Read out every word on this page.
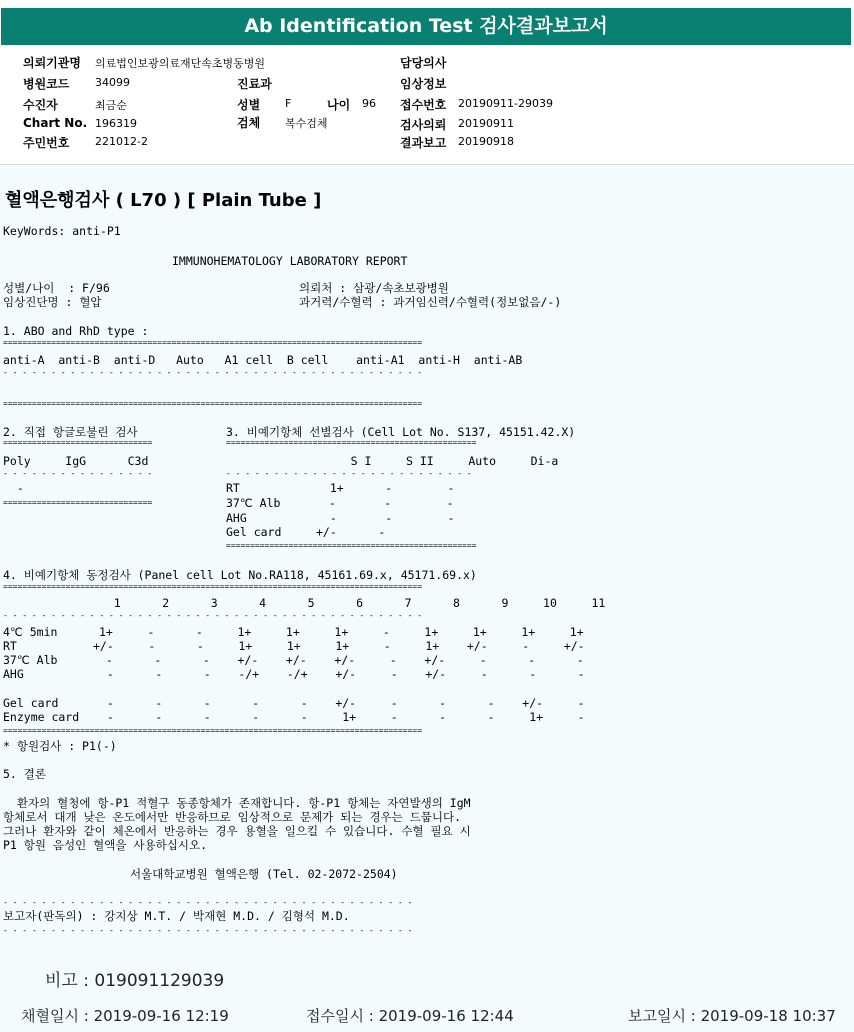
Ab Identification Test 검사결과보고서
의뢰기관명 의료법인보광의료재단속초병동병원
병원코드 34099
수진자	최금순
Chart No. 196319
주민번호 221012-2
진료과
성별 F	나이 96
검체 복수검체
담당의사
임상정보
접수번호 20190911-29039
검사의뢰 20190911
결과보고 20190918
혈액은행검사 ( L70 ) [ Plain Tube ]
KeyWords: anti-P1
IMMUNOHEMATOLOGY LABORATORY REPORT
성별/나이  : F/96
임상진단명 : 혈압
의뢰처 : 삼광/속초보광병원
과거력/수혈력 : 과거임신력/수혈력(정보없음/-)
1. ABO and RhD type :
=======================================================================================
anti-A  anti-B  anti-D   Auto   A1 cell  B cell    anti-A1  anti-H  anti-AB
- - - - - - - - - - - - - - - - - - - - - - - - - - - - - - - - - - - - - - - - - - - -
=======================================================================================
2. 직접 항글로불린 검사
===============================
Poly     IgG      C3d
- - - - - - - - - - - - - - - -
-
===============================
3. 비예기항체 선별검사 (Cell Lot No. S137, 45151.42.X)
====================================================
S I     S II     Auto     Di-a
- - - - - - - - - - - - - - - - - - - - - - - - - -
RT             1+      -        -
37℃ Alb       -       -        -
AHG            -       -        -
Gel card     +/-      -
====================================================
4. 비예기항체 동정검사 (Panel cell Lot No.RA118, 45161.69.x, 45171.69.x)
=======================================================================================
1      2      3      4      5      6      7      8      9     10     11
- - - - - - - - - - - - - - - - - - - - - - - - - - - - - - - - - - - - - - - - - - - -
4℃ 5min      1+     -      -     1+     1+     1+     -     1+     1+     1+     1+
RT           +/-     -      -     1+     1+     1+     -     1+    +/-     -     +/-
37℃ Alb       -      -      -    +/-    +/-    +/-     -    +/-     -      -      -
AHG            -      -      -    -/+    -/+    +/-     -    +/-     -      -      -
Gel card       -      -      -      -      -    +/-     -      -      -    +/-     -
Enzyme card    -      -      -      -      -     1+     -      -      -     1+     -
=======================================================================================
* 항원검사 : P1(-)
5. 결론
환자의 혈청에 항-P1 적혈구 동종항체가 존재합니다. 항-P1 항체는 자연발생의 IgM
항체로서 대개 낮은 온도에서만 반응하므로 임상적으로 문제가 되는 경우는 드뭅니다.
그러나 환자와 같이 체온에서 반응하는 경우 용혈을 일으킬 수 있습니다. 수혈 필요 시
P1 항원 음성인 혈액을 사용하십시오.
서울대학교병원 혈액은행 (Tel. 02-2072-2504)
- - - - - - - - - - - - - - - - - - - - - - - - - - - - - - - - - - - - - - - - - - -
보고자(판독의) : 강지상 M.T. / 박재현 M.D. / 김형석 M.D.
- - - - - - - - - - - - - - - - - - - - - - - - - - - - - - - - - - - - - - - - - - -
비고 : 019091129039
채혈일시 : 2019-09-16 12:19	접수일시 : 2019-09-16 12:44	보고일시 : 2019-09-18 10:37
